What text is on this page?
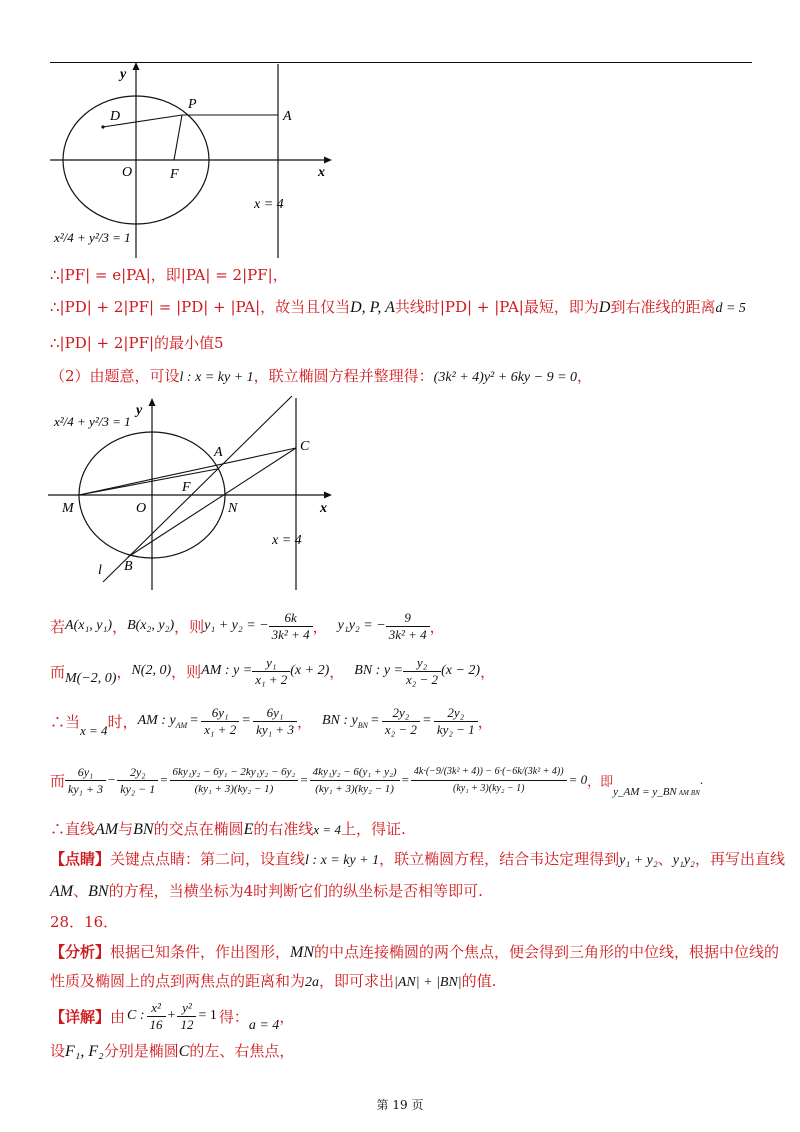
y
x
O
D
P
A
F
x = 4
x²/4 + y²/3 = 1
∴|PF| = e|PA|，即|PA| = 2|PF|，
∴|PD| + 2|PF| = |PD| + |PA|，故当且仅当D, P, A共线时|PD| + |PA|最短，即为D到右准线的距离d = 5
∴|PD| + 2|PF|的最小值5
（2）由题意，可设l : x = ky + 1，联立椭圆方程并整理得：(3k² + 4)y² + 6ky − 9 = 0，
y
x
O
A	C
F
M	N
B
l
x = 4
x²/4 + y²/3 = 1
若 A(x₁, y₁) ， B(x₂, y₂) ，则 y₁ + y₂ = − $\frac{6k}{\text{3k² + 4}}$ ， y₁y₂ = − $\frac{9}{\text{3k² + 4}}$ ，
而 M(−2, 0) ， N(2, 0) ，则 AM : $y = \frac{\text{y₁}}{\text{x₁ + 2}} (x + 2)$ ， BN : $y = \frac{\text{y₂}}{\text{x₂ − 2}} (x - 2)$ ，
∴当 x = 4 时， AM : $y_{AM} = \frac{\text{6y₁}}{\text{x₁ + 2}} = \frac{\text{6y₁}}{\text{ky₁ + 3}}$ ， BN : $y_{BN} = \frac{\text{2y₂}}{\text{x₂ − 2}} = \frac{\text{2y₂}}{\text{ky₂ − 1}}$ ，
而 $\frac{\text{6y₁}}{\text{ky₁ + 3}} - \frac{\text{2y₂}}{\text{ky₂ − 1}} = \frac{\text{6ky₁y₂ − 6y₁ − 2ky₁y₂ − 6y₂}}{\text{(ky₁ + 3)(ky₂ − 1)}} = \frac{\text{4ky₁y₂ − 6(y₁ + y₂)}}{\text{(ky₁ + 3)(ky₂ − 1)}} = \frac{\text{4k·(−9/(3k² + 4)) − 6·(−6k/(3k² + 4))}}{\text{(ky₁ + 3)(ky₂ − 1)}} = 0$ ，即
y_AM = y_BN AM BN
.
∴直线AM与BN的交点在椭圆E的右准线x = 4上，得证.
【点睛】关键点点睛：第二问，设直线l : x = ky + 1，联立椭圆方程，结合韦达定理得到y₁ + y₂、y₁y₂，再写出直线
AM、BN的方程，当横坐标为4时判断它们的纵坐标是否相等即可.
28．16．
【分析】根据已知条件，作出图形，MN的中点连接椭圆的两个焦点，便会得到三角形的中位线，根据中位线的
性质及椭圆上的点到两焦点的距离和为2a，即可求出|AN| + |BN|的值.
【详解】 由 C : $\frac{\text{x²}}{16} + \frac{\text{y²}}{12} = 1$ 得： a = 4 ，
设F₁, F₂分别是椭圆C的左、右焦点，
第 19 页
